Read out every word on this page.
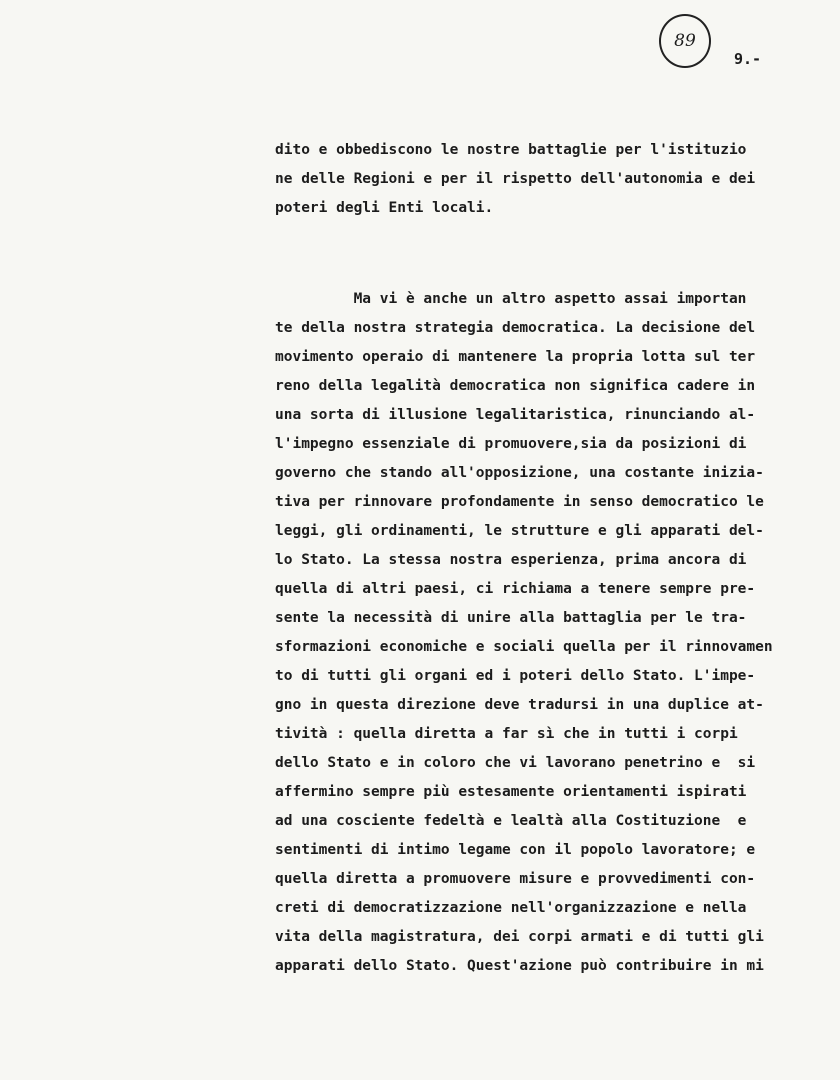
89
9.-
dito e obbediscono le nostre battaglie per l'istituzio
ne delle Regioni e per il rispetto dell'autonomia e dei
poteri degli Enti locali.
Ma vi è anche un altro aspetto assai importan
te della nostra strategia democratica. La decisione del
movimento operaio di mantenere la propria lotta sul ter
reno della legalità democratica non significa cadere in
una sorta di illusione legalitaristica, rinunciando al-
l'impegno essenziale di promuovere,sia da posizioni di
governo che stando all'opposizione, una costante inizia-
tiva per rinnovare profondamente in senso democratico le
leggi, gli ordinamenti, le strutture e gli apparati del-
lo Stato. La stessa nostra esperienza, prima ancora di
quella di altri paesi, ci richiama a tenere sempre pre-
sente la necessità di unire alla battaglia per le tra-
sformazioni economiche e sociali quella per il rinnovamen
to di tutti gli organi ed i poteri dello Stato. L'impe-
gno in questa direzione deve tradursi in una duplice at-
tività : quella diretta a far sì che in tutti i corpi
dello Stato e in coloro che vi lavorano penetrino e  si
affermino sempre più estesamente orientamenti ispirati
ad una cosciente fedeltà e lealtà alla Costituzione  e
sentimenti di intimo legame con il popolo lavoratore; e
quella diretta a promuovere misure e provvedimenti con-
creti di democratizzazione nell'organizzazione e nella
vita della magistratura, dei corpi armati e di tutti gli
apparati dello Stato. Quest'azione può contribuire in mi
